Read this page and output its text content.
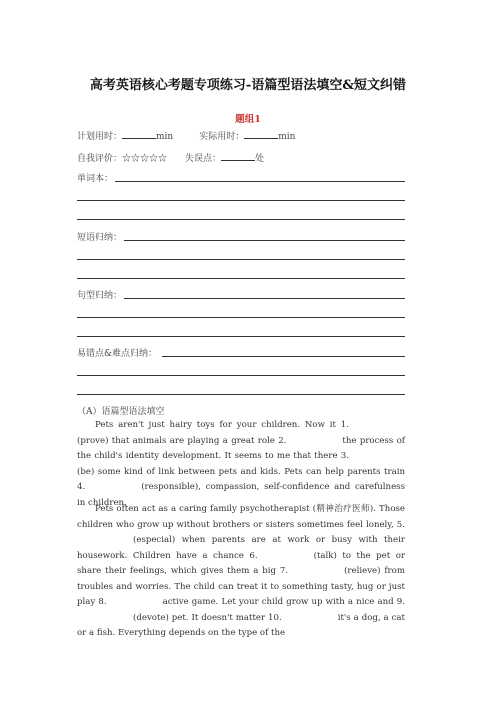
高考英语核心考题专项练习-语篇型语法填空&短文纠错
题组1
计划用时：	min	实际用时：	min
自我评价：☆☆☆☆☆ 失误点：	处
单词本：
短语归纳：
句型归纳：
易错点&难点归纳：
（A）语篇型语法填空
Pets aren't just hairy toys for your children. Now it 1.(prove) that animals are playing a great role 2.	the process of the child's identity development. It seems to me that there 3.(be) some kind of link between pets and kids. Pets can help parents train 4.	(responsible), compassion, self-confidence and carefulness in children.
Pets often act as a caring family psychotherapist (精神治疗医师). Those children who grow up without brothers or sisters sometimes feel lonely, 5.(especial) when parents are at work or busy with their housework. Children have a chance 6.	(talk) to the pet or share their feelings, which gives them a big 7.	(relieve) from troubles and worries. The child can treat it to something tasty, hug or just play 8.	active game. Let your child grow up with a nice and 9.(devote) pet. It doesn't matter 10.	it's a dog, a cat or a fish. Everything depends on the type of the
